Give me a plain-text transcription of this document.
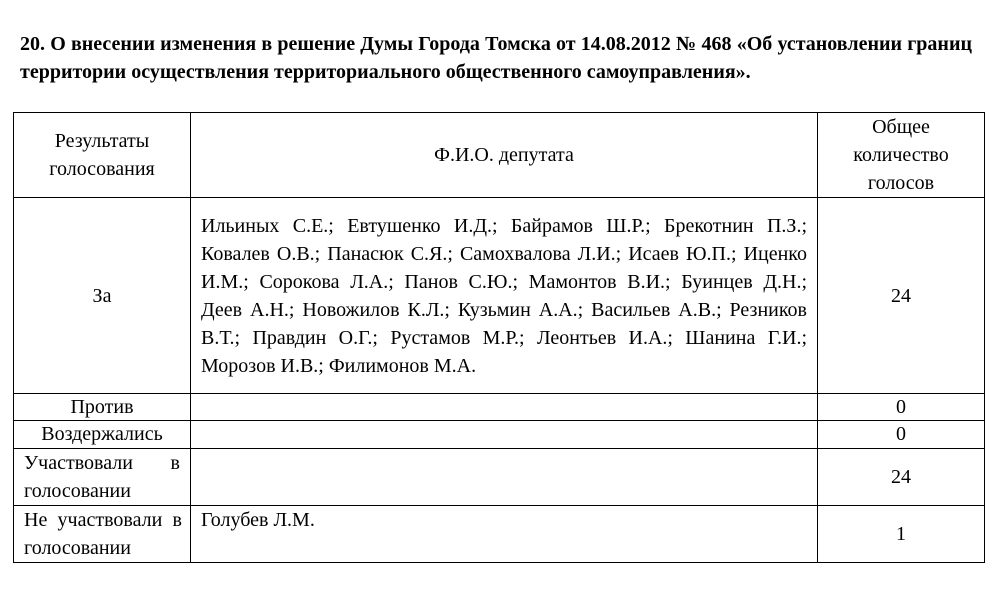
20. О внесении изменения в решение Думы Города Томска от 14.08.2012 № 468 «Об установлении границ территории осуществления территориального общественного самоуправления».

Результаты голосования	Ф.И.О. депутата	Общее количество голосов
За	Ильиных С.Е.; Евтушенко И.Д.; Байрамов Ш.Р.; Брекотнин П.З.; Ковалев О.В.; Панасюк С.Я.; Самохвалова Л.И.; Исаев Ю.П.; Иценко И.М.; Сорокова Л.А.; Панов С.Ю.; Мамонтов В.И.; Буинцев Д.Н.; Деев А.Н.; Новожилов К.Л.; Кузьмин А.А.; Васильев А.В.; Резников В.Т.; Правдин О.Г.; Рустамов М.Р.; Леонтьев И.А.; Шанина Г.И.; Морозов И.В.; Филимонов М.А.	24
Против		0
Воздержались		0
Участвовали в голосовании		24
Не участвовали в голосовании	Голубев Л.М.	1
